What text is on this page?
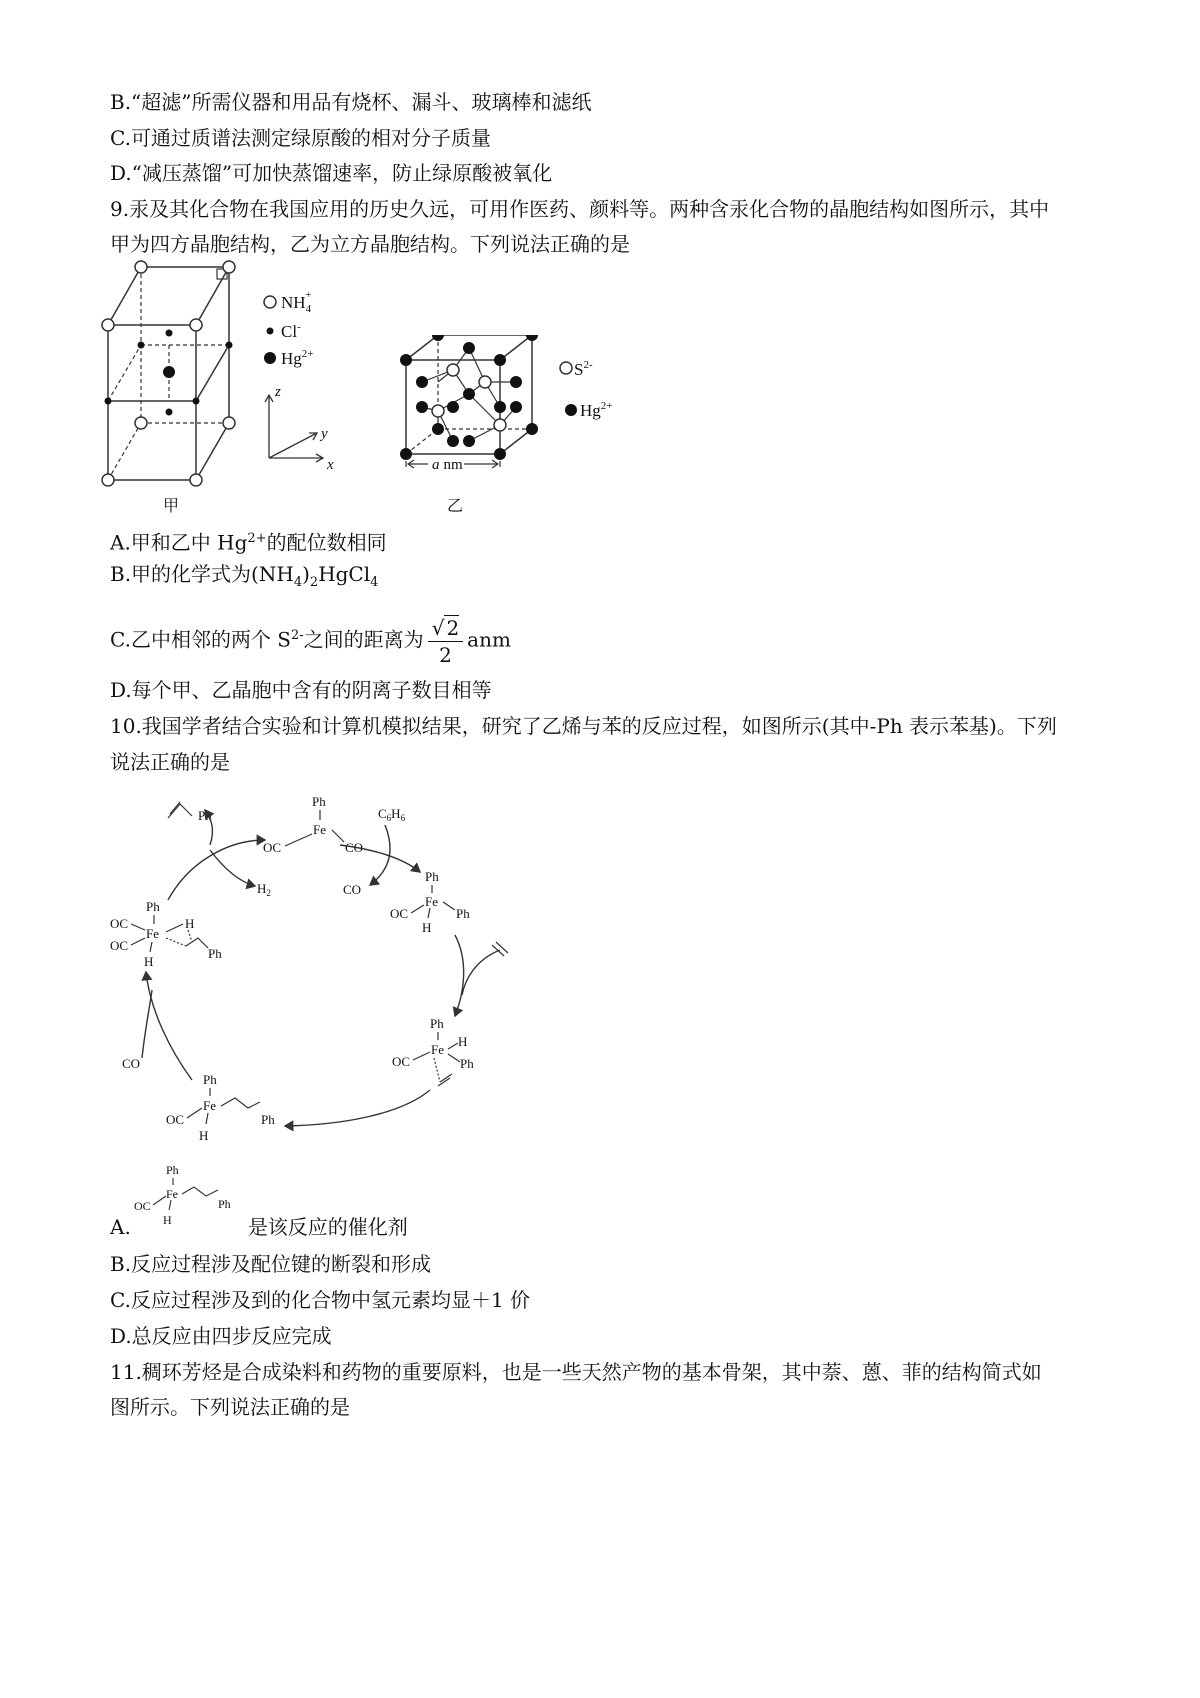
B.“超滤”所需仪器和用品有烧杯、漏斗、玻璃棒和滤纸
C.可通过质谱法测定绿原酸的相对分子质量
D.“减压蒸馏”可加快蒸馏速率，防止绿原酸被氧化
9.汞及其化合物在我国应用的历史久远，可用作医药、颜料等。两种含汞化合物的晶胞结构如图所示，其中
甲为四方晶胞结构，乙为立方晶胞结构。下列说法正确的是
$NH_4+$
Cl-
$Hg^{2+}$
z
y
x
甲
a nm
$S^{2-}$
$Hg^{2+}$
乙
A.甲和乙中 $Hg^{2+}$的配位数相同
B.甲的化学式为$(NH_4)_2HgCl_4$
C.乙中相邻的两个 $S^{2-}$之间的距离为 $\frac{√ 2}{2}$ anm
D.每个甲、乙晶胞中含有的阴离子数目相等
10.我国学者结合实验和计算机模拟结果，研究了乙烯与苯的反应过程，如图所示(其中-Ph 表示苯基)。下列
说法正确的是
Ph
Fe
OC	CO
$C_6H_6$
CO
Ph
$H_2$
Ph
Fe
OC	Ph
H
Ph
Fe
H
Ph
OC
Ph
Fe
OC	Ph
H
Ph
Fe
OC
OC
H
Ph
H
CO
Ph
Fe
OC	Ph
H
A.	是该反应的催化剂
B.反应过程涉及配位键的断裂和形成
C.反应过程涉及到的化合物中氢元素均显＋1 价
D.总反应由四步反应完成
11.稠环芳烃是合成染料和药物的重要原料，也是一些天然产物的基本骨架，其中萘、蒽、菲的结构简式如
图所示。下列说法正确的是
